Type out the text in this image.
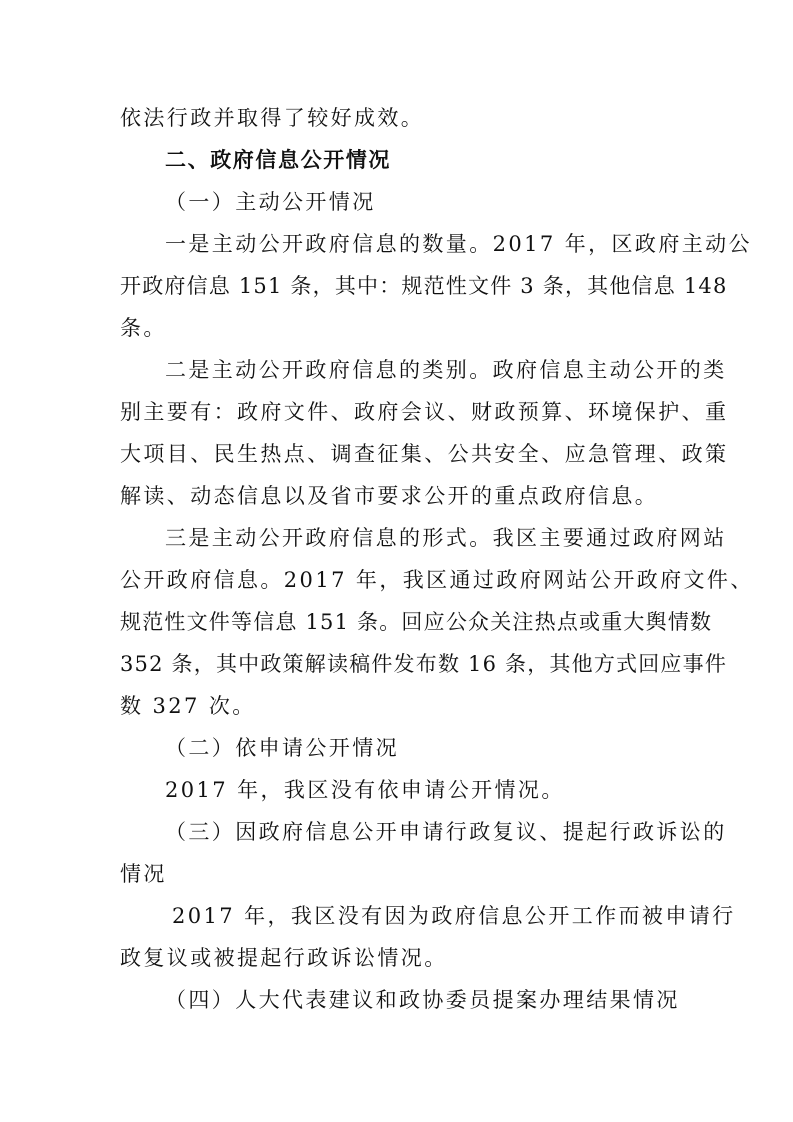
依法行政并取得了较好成效。
二、政府信息公开情况
（一）主动公开情况
一是主动公开政府信息的数量。2017 年，区政府主动公
开政府信息 151 条，其中：规范性文件 3 条，其他信息 148
条。
二是主动公开政府信息的类别。政府信息主动公开的类
别主要有：政府文件、政府会议、财政预算、环境保护、重
大项目、民生热点、调查征集、公共安全、应急管理、政策
解读、动态信息以及省市要求公开的重点政府信息。
三是主动公开政府信息的形式。我区主要通过政府网站
公开政府信息。2017 年，我区通过政府网站公开政府文件、
规范性文件等信息 151 条。回应公众关注热点或重大舆情数
352 条，其中政策解读稿件发布数 16 条，其他方式回应事件
数 327 次。
（二）依申请公开情况
2017 年，我区没有依申请公开情况。
（三）因政府信息公开申请行政复议、提起行政诉讼的
情况
2017 年，我区没有因为政府信息公开工作而被申请行
政复议或被提起行政诉讼情况。
（四）人大代表建议和政协委员提案办理结果情况
